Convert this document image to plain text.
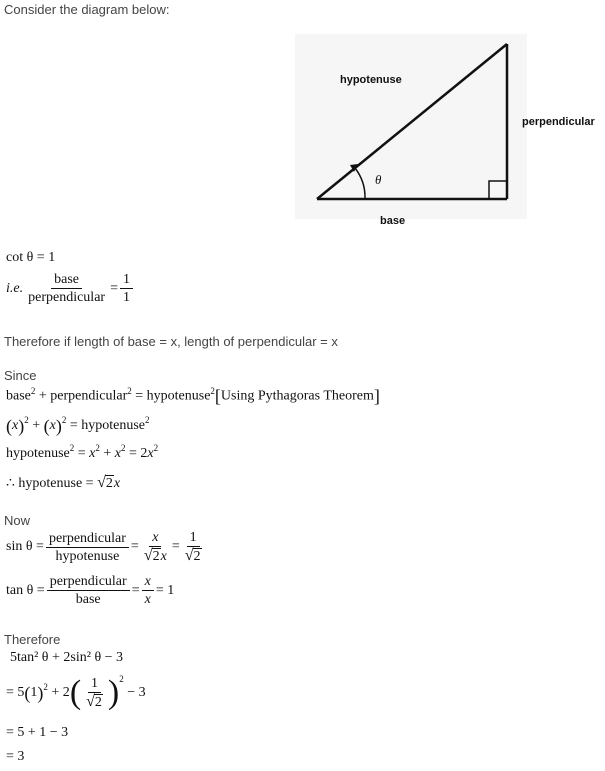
Consider the diagram below:
hypotenuse
perpendicular
base
θ
cot θ = 1
i.e. $\frac{\text{base}}{\text{perpendicular}} = \frac{1}{1}$
Therefore if length of base = x, length of perpendicular = x
Since
base$^2$ + perpendicular$^2$ = hypotenuse$^2$[Using Pythagoras Theorem]
$(x)^2 + (x)^2$ = hypotenuse$^2$
hypotenuse$^2$ = $x^2 + x^2 = 2x^2$
∴ hypotenuse = √2x
Now
$\sin \theta = \frac{\text{perpendicular}}{\text{hypotenuse}} = \frac{x}{√2x} = \frac{1}{√2}$
$\tan \theta = \frac{\text{perpendicular}}{\text{base}} = \frac{x}{x} = 1$
Therefore
5tan² θ + 2sin² θ − 3
= 5 ( 1 )$^2$ + 2 ( $\frac{1}{√2} )^2$

− 3
= 5 + 1 − 3
= 3
